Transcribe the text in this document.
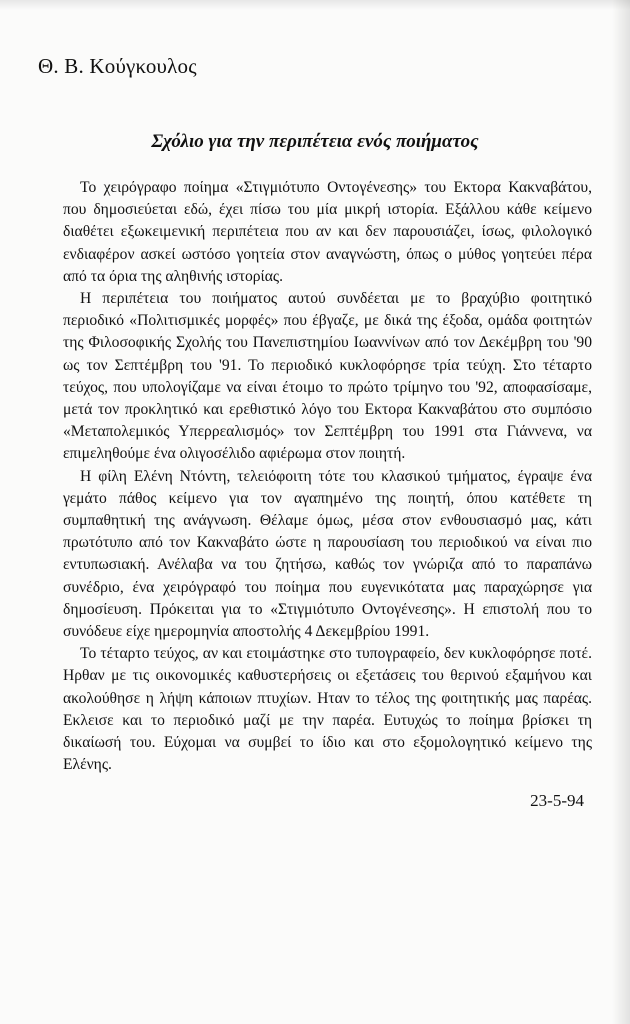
Θ. Β. Κούγκουλος
Σχόλιο για την περιπέτεια ενός ποιήματος

Το χειρόγραφο ποίημα «Στιγμιότυπο Οντογένεσης» του Εκτορα Κακναβάτου, που δημοσιεύεται εδώ, έχει πίσω του μία μικρή ιστορία. Εξάλλου κάθε κείμενο διαθέτει εξωκειμενική περιπέτεια που αν και δεν παρουσιάζει, ίσως, φιλολογικό ενδιαφέρον ασκεί ωστόσο γοητεία στον αναγνώστη, όπως ο μύθος γοητεύει πέρα από τα όρια της αληθινής ιστορίας.

Η περιπέτεια του ποιήματος αυτού συνδέεται με το βραχύβιο φοιτητικό περιοδικό «Πολιτισμικές μορφές» που έβγαζε, με δικά της έξοδα, ομάδα φοιτητών της Φιλοσοφικής Σχολής του Πανεπιστημίου Ιωαννίνων από τον Δεκέμβρη του '90 ως τον Σεπτέμβρη του '91. Το περιοδικό κυκλοφόρησε τρία τεύχη. Στο τέταρτο τεύχος, που υπολογίζαμε να είναι έτοιμο το πρώτο τρίμηνο του '92, αποφασίσαμε, μετά τον προκλητικό και ερεθιστικό λόγο του Εκτορα Κακναβάτου στο συμπόσιο «Μεταπολεμικός Υπερρεαλισμός» τον Σεπτέμβρη του 1991 στα Γιάννενα, να επιμεληθούμε ένα ολιγοσέλιδο αφιέρωμα στον ποιητή.

Η φίλη Ελένη Ντόντη, τελειόφοιτη τότε του κλασικού τμήματος, έγραψε ένα γεμάτο πάθος κείμενο για τον αγαπημένο της ποιητή, όπου κατέθετε τη συμπαθητική της ανάγνωση. Θέλαμε όμως, μέσα στον ενθουσιασμό μας, κάτι πρωτότυπο από τον Κακναβάτο ώστε η παρουσίαση του περιοδικού να είναι πιο εντυπωσιακή. Ανέλαβα να του ζητήσω, καθώς τον γνώριζα από το παραπάνω συνέδριο, ένα χειρόγραφό του ποίημα που ευγενικότατα μας παραχώρησε για δημοσίευση. Πρόκειται για το «Στιγμιότυπο Οντογένεσης». Η επιστολή που το συνόδευε είχε ημερομηνία αποστολής 4 Δεκεμβρίου 1991.

Το τέταρτο τεύχος, αν και ετοιμάστηκε στο τυπογραφείο, δεν κυκλοφόρησε ποτέ. Ηρθαν με τις οικονομικές καθυστερήσεις οι εξετάσεις του θερινού εξαμήνου και ακολούθησε η λήψη κάποιων πτυχίων. Ηταν το τέλος της φοιτητικής μας παρέας. Εκλεισε και το περιοδικό μαζί με την παρέα. Ευτυχώς το ποίημα βρίσκει τη δικαίωσή του. Εύχομαι να συμβεί το ίδιο και στο εξομολογητικό κείμενο της Ελένης.

23-5-94
